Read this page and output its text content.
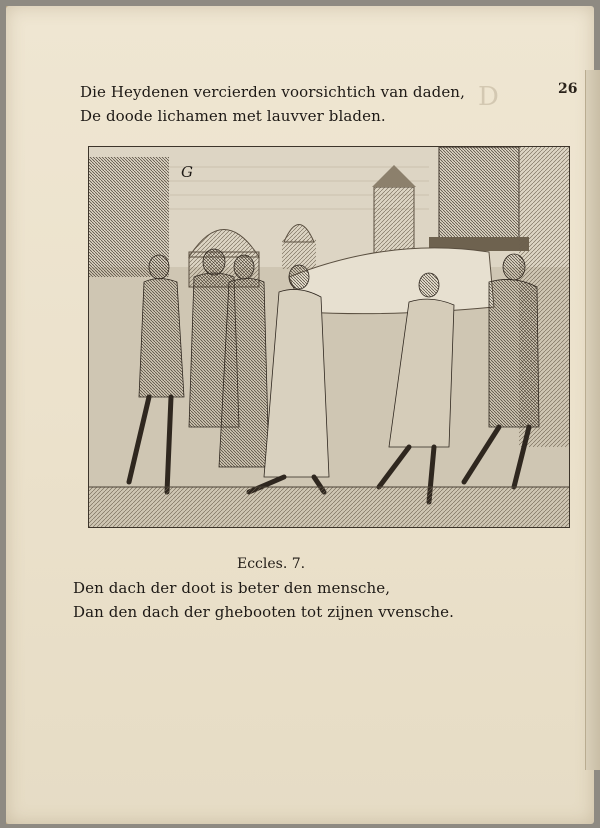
D	26
Die Heydenen vercierden voorsichtich van daden,
De doode lichamen met lauvver bladen.
G
Eccles. 7.
Den dach der doot is beter den mensche,
Dan den dach der ghebooten tot zijnen vvensche.
